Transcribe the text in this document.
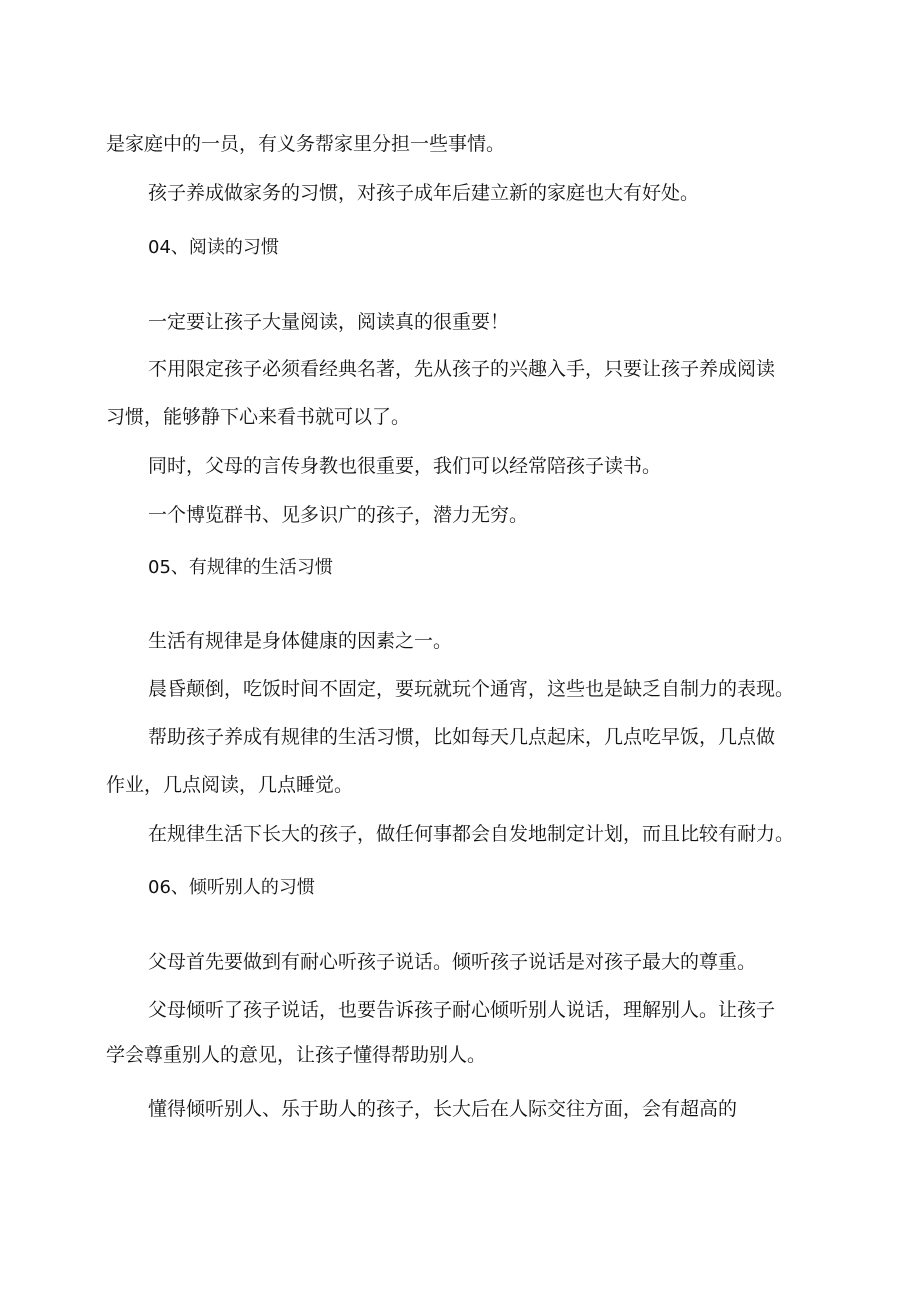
是家庭中的一员，有义务帮家里分担一些事情。
孩子养成做家务的习惯，对孩子成年后建立新的家庭也大有好处。
04、阅读的习惯
一定要让孩子大量阅读，阅读真的很重要！
不用限定孩子必须看经典名著，先从孩子的兴趣入手，只要让孩子养成阅读
习惯，能够静下心来看书就可以了。
同时，父母的言传身教也很重要，我们可以经常陪孩子读书。
一个博览群书、见多识广的孩子，潜力无穷。
05、有规律的生活习惯
生活有规律是身体健康的因素之一。
晨昏颠倒，吃饭时间不固定，要玩就玩个通宵，这些也是缺乏自制力的表现。
帮助孩子养成有规律的生活习惯，比如每天几点起床，几点吃早饭，几点做
作业，几点阅读，几点睡觉。
在规律生活下长大的孩子，做任何事都会自发地制定计划，而且比较有耐力。
06、倾听别人的习惯
父母首先要做到有耐心听孩子说话。倾听孩子说话是对孩子最大的尊重。
父母倾听了孩子说话，也要告诉孩子耐心倾听别人说话，理解别人。让孩子
学会尊重别人的意见，让孩子懂得帮助别人。
懂得倾听别人、乐于助人的孩子，长大后在人际交往方面，会有超高的
